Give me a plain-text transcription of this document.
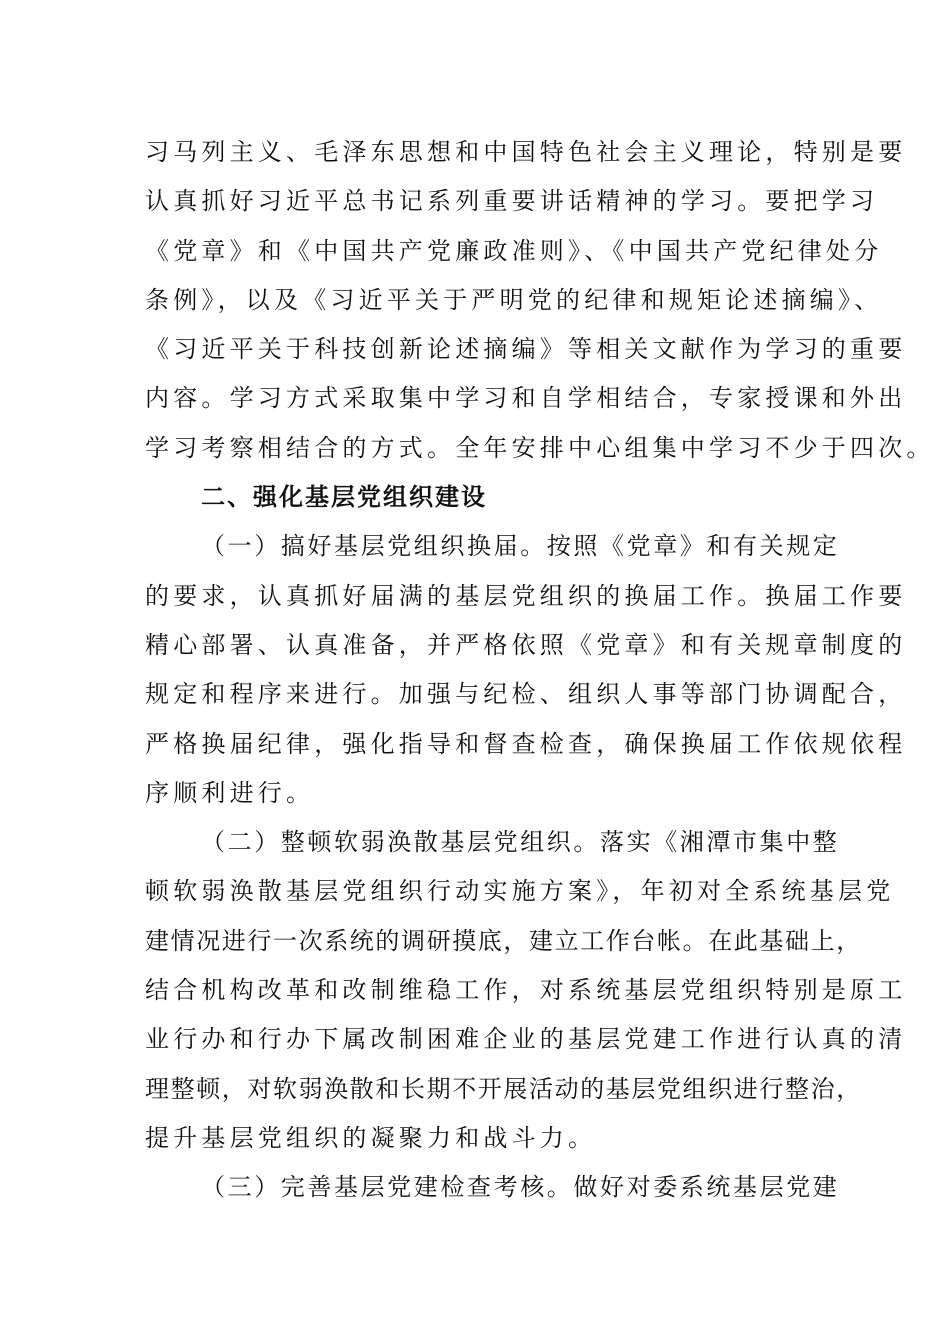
习马列主义、毛泽东思想和中国特色社会主义理论，特别是要
认真抓好习近平总书记系列重要讲话精神的学习。要把学习
《党章》和《中国共产党廉政准则》、《中国共产党纪律处分
条例》，以及《习近平关于严明党的纪律和规矩论述摘编》、
《习近平关于科技创新论述摘编》等相关文献作为学习的重要
内容。学习方式采取集中学习和自学相结合，专家授课和外出
学习考察相结合的方式。全年安排中心组集中学习不少于四次。
二、强化基层党组织建设
（一）搞好基层党组织换届。按照《党章》和有关规定
的要求，认真抓好届满的基层党组织的换届工作。换届工作要
精心部署、认真准备，并严格依照《党章》和有关规章制度的
规定和程序来进行。加强与纪检、组织人事等部门协调配合，
严格换届纪律，强化指导和督查检查，确保换届工作依规依程
序顺利进行。
（二）整顿软弱涣散基层党组织。落实《湘潭市集中整
顿软弱涣散基层党组织行动实施方案》，年初对全系统基层党
建情况进行一次系统的调研摸底，建立工作台帐。在此基础上，
结合机构改革和改制维稳工作，对系统基层党组织特别是原工
业行办和行办下属改制困难企业的基层党建工作进行认真的清
理整顿，对软弱涣散和长期不开展活动的基层党组织进行整治，
提升基层党组织的凝聚力和战斗力。
（三）完善基层党建检查考核。做好对委系统基层党建
